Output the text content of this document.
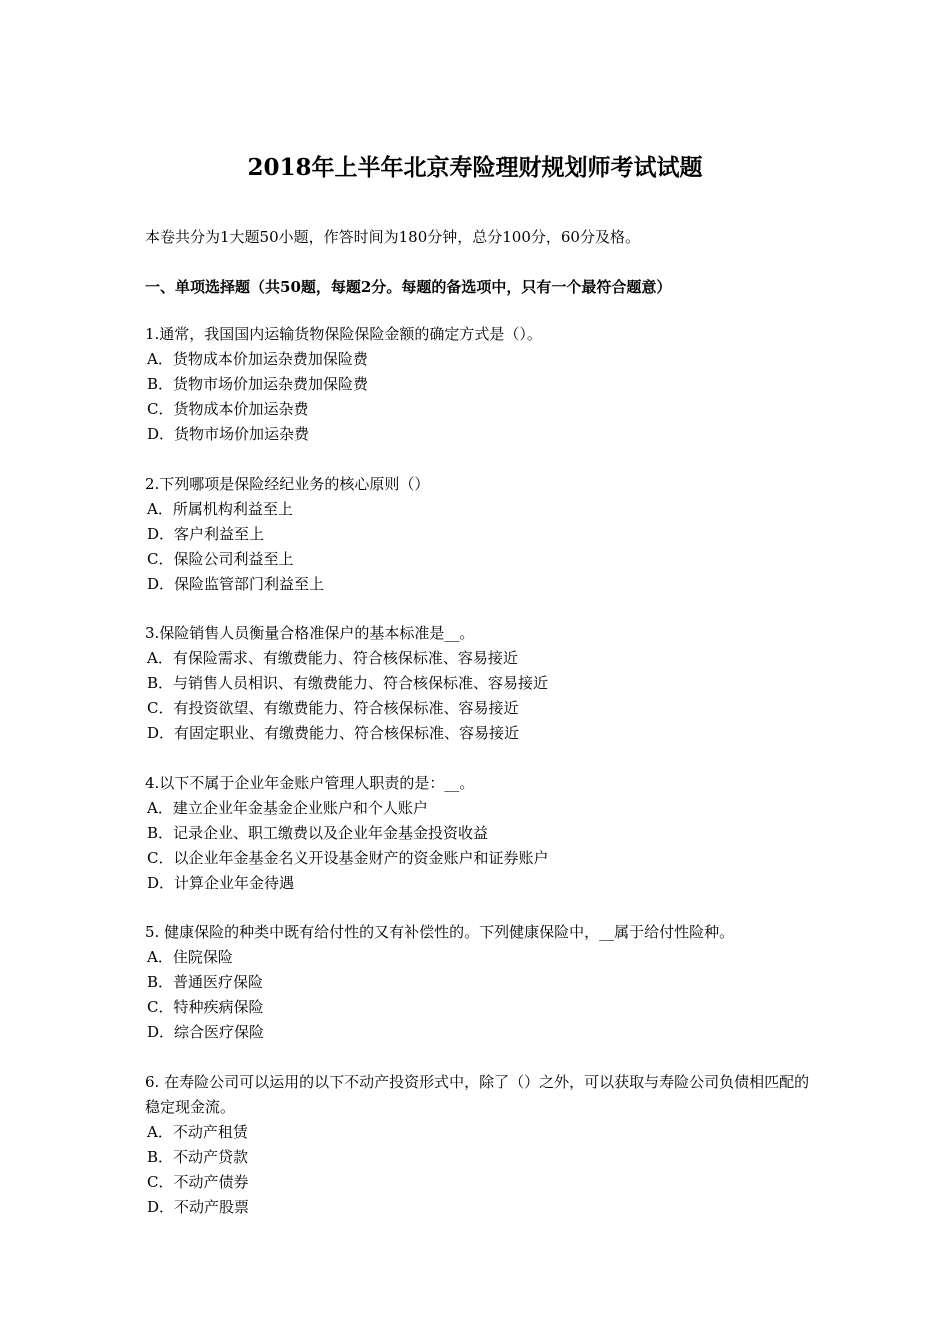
2018年上半年北京寿险理财规划师考试试题
本卷共分为1大题50小题，作答时间为180分钟，总分100分，60分及格。
一、单项选择题（共50题，每题2分。每题的备选项中，只有一个最符合题意）
1.通常，我国国内运输货物保险保险金额的确定方式是（）。
A．货物成本价加运杂费加保险费
B．货物市场价加运杂费加保险费
C．货物成本价加运杂费
D．货物市场价加运杂费
2.下列哪项是保险经纪业务的核心原则（）
A．所属机构利益至上
D．客户利益至上
C．保险公司利益至上
D．保险监管部门利益至上
3.保险销售人员衡量合格准保户的基本标准是__。
A．有保险需求、有缴费能力、符合核保标准、容易接近
B．与销售人员相识、有缴费能力、符合核保标准、容易接近
C．有投资欲望、有缴费能力、符合核保标准、容易接近
D．有固定职业、有缴费能力、符合核保标准、容易接近
4.以下不属于企业年金账户管理人职责的是：__。
A．建立企业年金基金企业账户和个人账户
B．记录企业、职工缴费以及企业年金基金投资收益
C．以企业年金基金名义开设基金财产的资金账户和证券账户
D．计算企业年金待遇
5. 健康保险的种类中既有给付性的又有补偿性的。下列健康保险中，__属于给付性险种。
A．住院保险
B．普通医疗保险
C．特种疾病保险
D．综合医疗保险
6. 在寿险公司可以运用的以下不动产投资形式中，除了（）之外，可以获取与寿险公司负债相匹配的稳定现金流。
A．不动产租赁
B．不动产贷款
C．不动产债券
D．不动产股票
